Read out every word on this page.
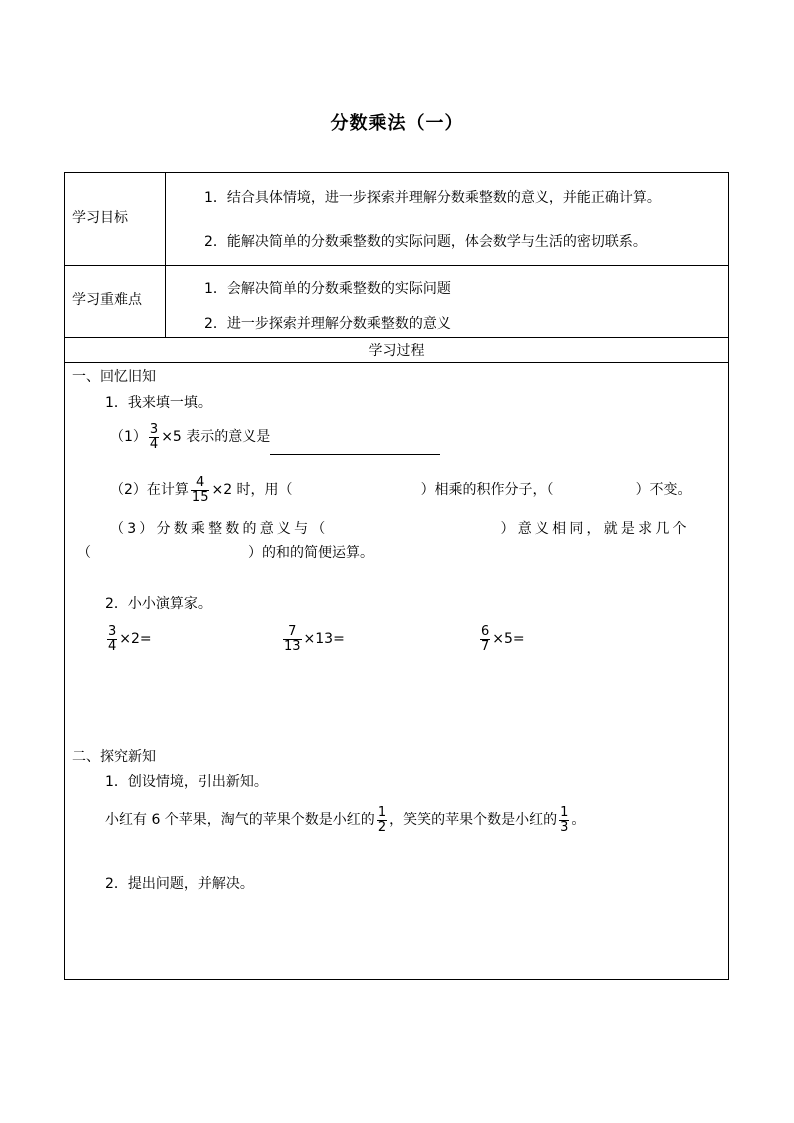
分数乘法（一）
学习目标
1．结合具体情境，进一步探索并理解分数乘整数的意义，并能正确计算。
2．能解决简单的分数乘整数的实际问题，体会数学与生活的密切联系。
学习重难点
1．会解决简单的分数乘整数的实际问题
2．进一步探索并理解分数乘整数的意义
学习过程
一、回忆旧知
1．我来填一填。
$(1) \frac{3}{4} \times 5$ 表示的意义是
（2）在计算 $\frac{4}{15} \times 2$ 时，用（	）相乘的积作分子，（	）不变。
（3）分数乘整数的意义与（	）意义相同，就是求几个
（	）的和的简便运算。
2．小小演算家。
$\frac{3}{4} \times 2=$	$\frac{7}{13} \times 13=$	$\frac{6}{7} \times 5=$
二、探究新知
1．创设情境，引出新知。
小红有 6 个苹果，淘气的苹果个数是小红的 $\frac{1}{2}$ ，笑笑的苹果个数是小红的 $\frac{1}{3}$ 。
2．提出问题，并解决。
